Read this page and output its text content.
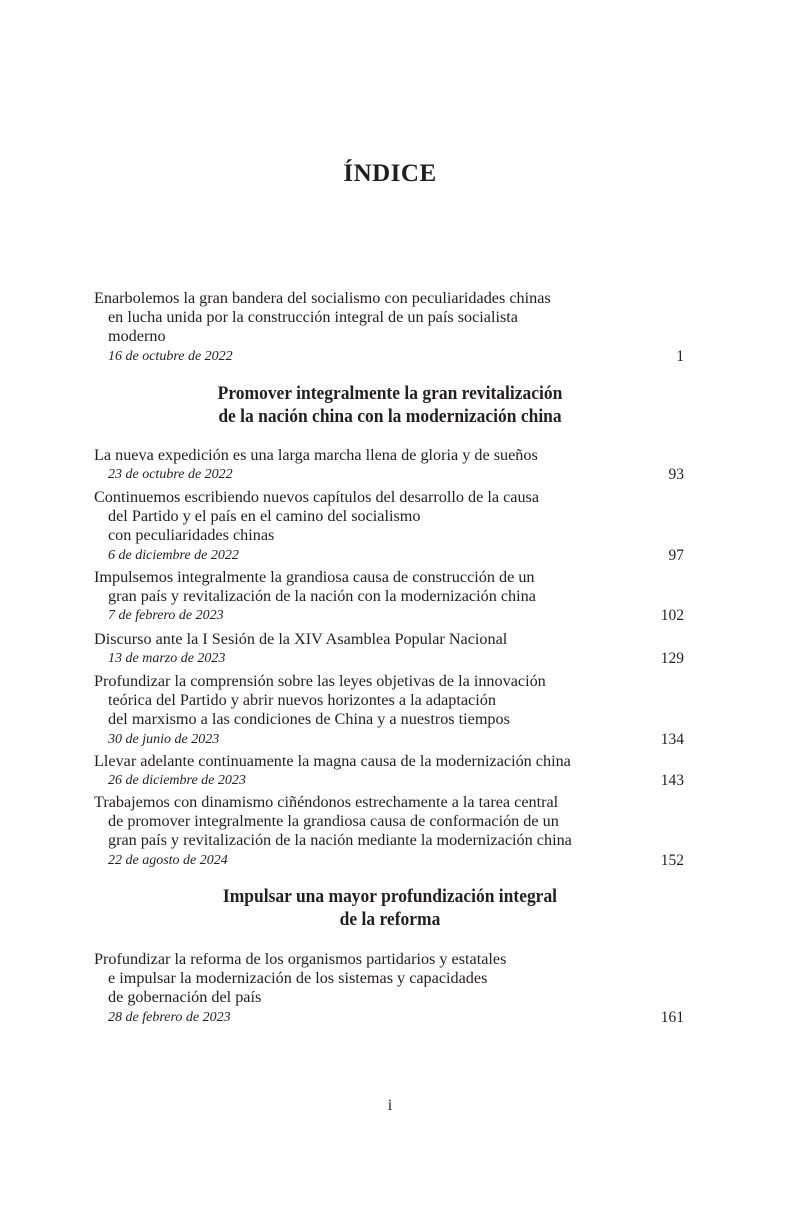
ÍNDICE
Enarbolemos la gran bandera del socialismo con peculiaridades chinas
en lucha unida por la construcción integral de un país socialista
moderno
16 de octubre de 2022	1
Promover integralmente la gran revitalización
de la nación china con la modernización china
La nueva expedición es una larga marcha llena de gloria y de sueños
23 de octubre de 2022	93
Continuemos escribiendo nuevos capítulos del desarrollo de la causa
del Partido y el país en el camino del socialismo
con peculiaridades chinas
6 de diciembre de 2022	97
Impulsemos integralmente la grandiosa causa de construcción de un
gran país y revitalización de la nación con la modernización china
7 de febrero de 2023	102
Discurso ante la I Sesión de la XIV Asamblea Popular Nacional
13 de marzo de 2023	129
Profundizar la comprensión sobre las leyes objetivas de la innovación
teórica del Partido y abrir nuevos horizontes a la adaptación
del marxismo a las condiciones de China y a nuestros tiempos
30 de junio de 2023	134
Llevar adelante continuamente la magna causa de la modernización china
26 de diciembre de 2023	143
Trabajemos con dinamismo ciñéndonos estrechamente a la tarea central
de promover integralmente la grandiosa causa de conformación de un
gran país y revitalización de la nación mediante la modernización china
22 de agosto de 2024	152
Impulsar una mayor profundización integral
de la reforma
Profundizar la reforma de los organismos partidarios y estatales
e impulsar la modernización de los sistemas y capacidades
de gobernación del país
28 de febrero de 2023	161
i
